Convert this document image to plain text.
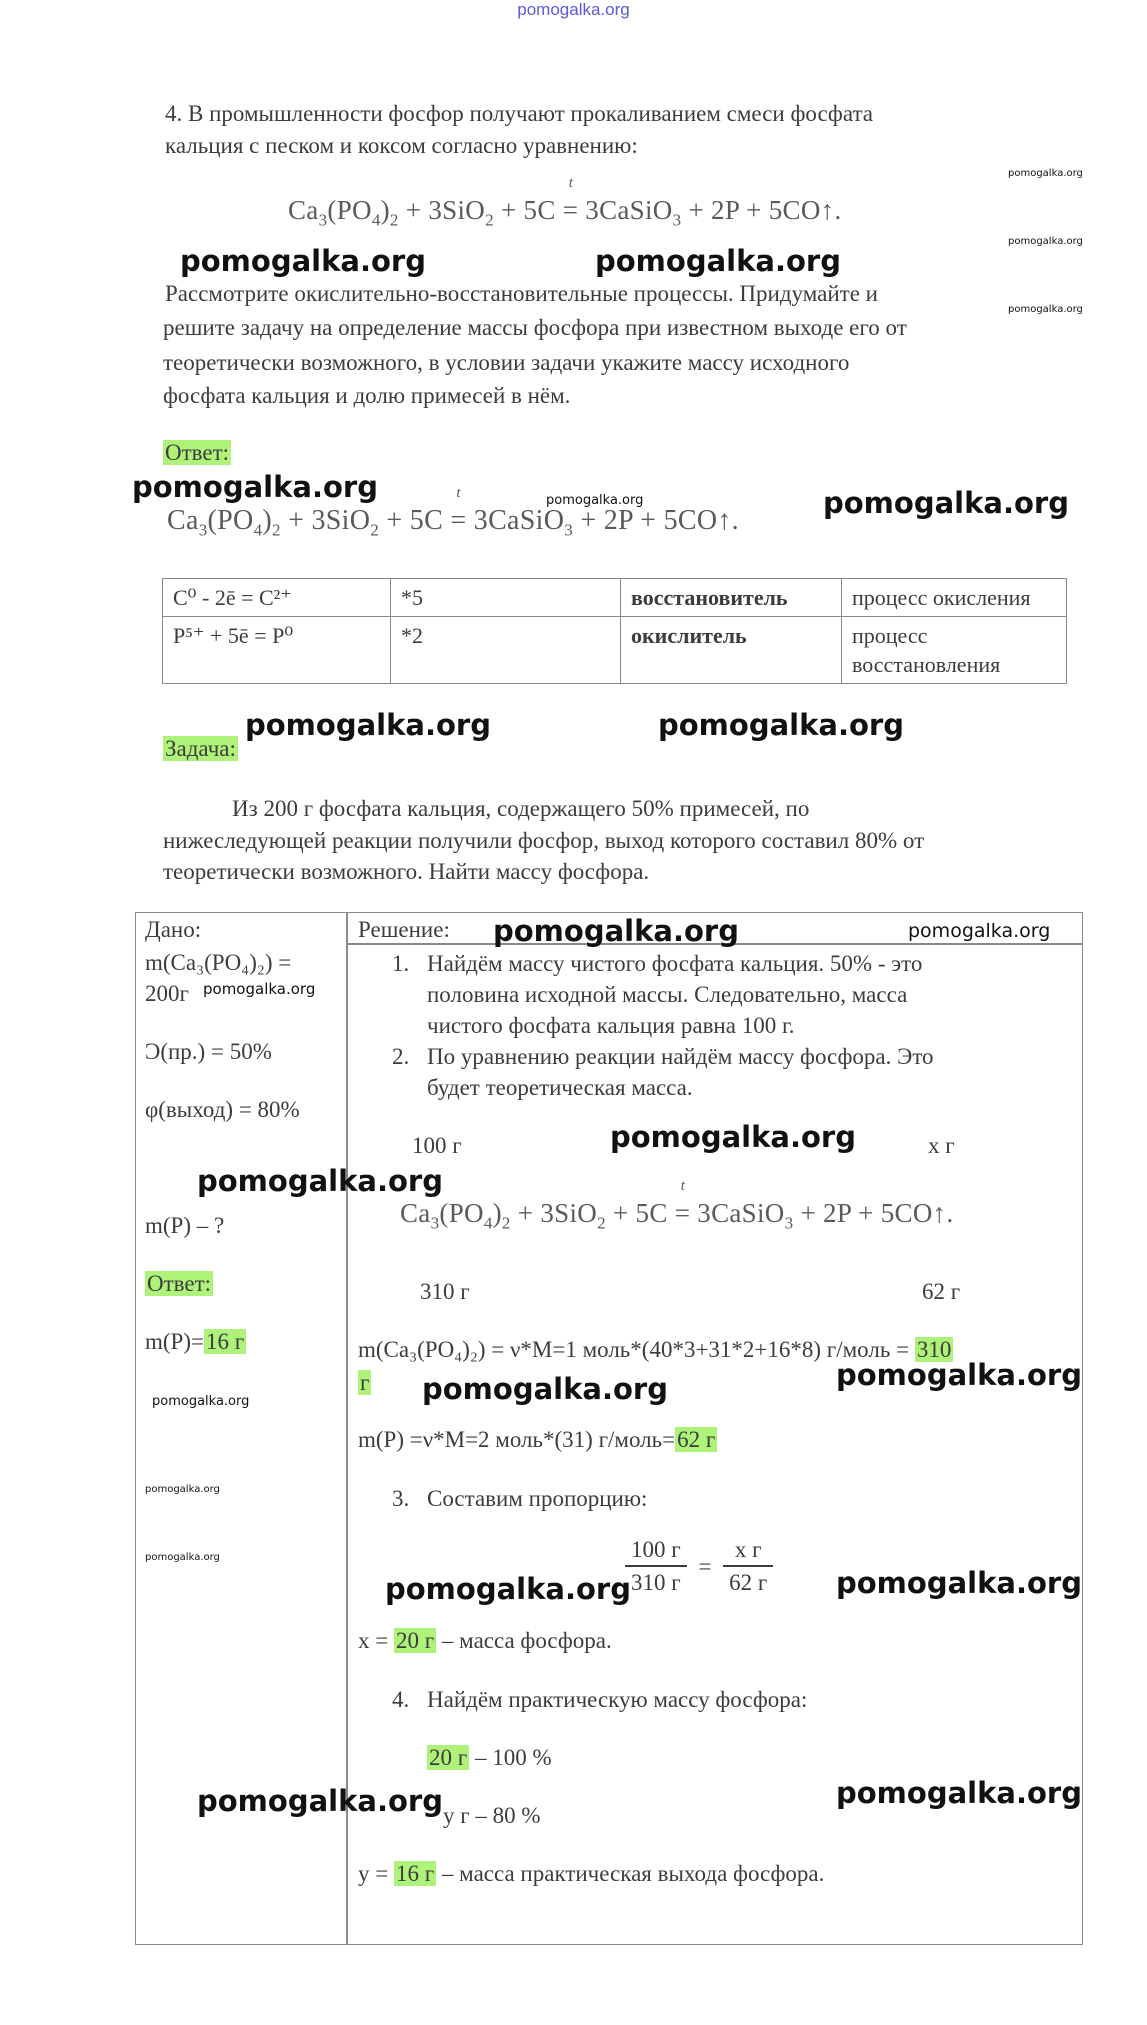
pomogalka.org
4. В промышленности фосфор получают прокаливанием смеси фосфата
кальция с песком и коксом согласно уравнению:
$Ca_3(PO_4)_2 + 3SiO_2 + 5C$
t
= 3CaSiO$_3$ + 2P + 5CO↑.
Рассмотрите окислительно-восстановительные процессы. Придумайте и
решите задачу на определение массы фосфора при известном выходе его от
теоретически возможного, в условии задачи укажите массу исходного
фосфата кальция и долю примесей в нём.
Ответ:
$Ca_3(PO_4)_2 + 3SiO_2 + 5C$
t
= 3CaSiO$_3$ + 2P + 5CO↑.
C⁰ - 2ē = C²⁺	*5	восстановитель	процесс окисления
P⁵⁺ + 5ē = P⁰	*2	окислитель	процесс восстановления
Задача:
Из 200 г фосфата кальция, содержащего 50% примесей, по
нижеследующей реакции получили фосфор, выход которого составил 80% от
теоретически возможного. Найти массу фосфора.
Дано:
m(Ca₃(PO₄)₂) =
200г
Ͻ(пр.) = 50%
φ(выход) = 80%
m(P) – ?
Ответ:
m(P)=16 г
Решение:
1. Найдём массу чистого фосфата кальция. 50% - это
половина исходной массы. Следовательно, масса
чистого фосфата кальция равна 100 г.
2. По уравнению реакции найдём массу фосфора. Это
будет теоретическая масса.
100 г	х г
$Ca_3(PO_4)_2 + 3SiO_2 + 5C$
t
= 3CaSiO$_3$ + 2P + 5CO↑.
310 г	62 г
m(Ca₃(PO₄)₂) = ν*M=1 моль*(40*3+31*2+16*8) г/моль = 310
г
m(P) =ν*M=2 моль*(31) г/моль=62 г
3. Составим пропорцию:
$\frac{100 г}{310 г} = \frac{\text{х г}}{62 г}$
х = 20 г – масса фосфора.
4. Найдём практическую массу фосфора:
20 г – 100 %
у г – 80 %
у = 16 г – масса практическая выхода фосфора.
pomogalka.org
pomogalka.org
pomogalka.org
pomogalka.org	pomogalka.org
pomogalka.org	pomogalka.org	pomogalka.org
pomogalka.org	pomogalka.org
pomogalka.org	pomogalka.org
pomogalka.org
pomogalka.org
pomogalka.org
pomogalka.org
pomogalka.org
pomogalka.org
pomogalka.org
pomogalka.org
pomogalka.org	pomogalka.org
pomogalka.org	pomogalka.org
